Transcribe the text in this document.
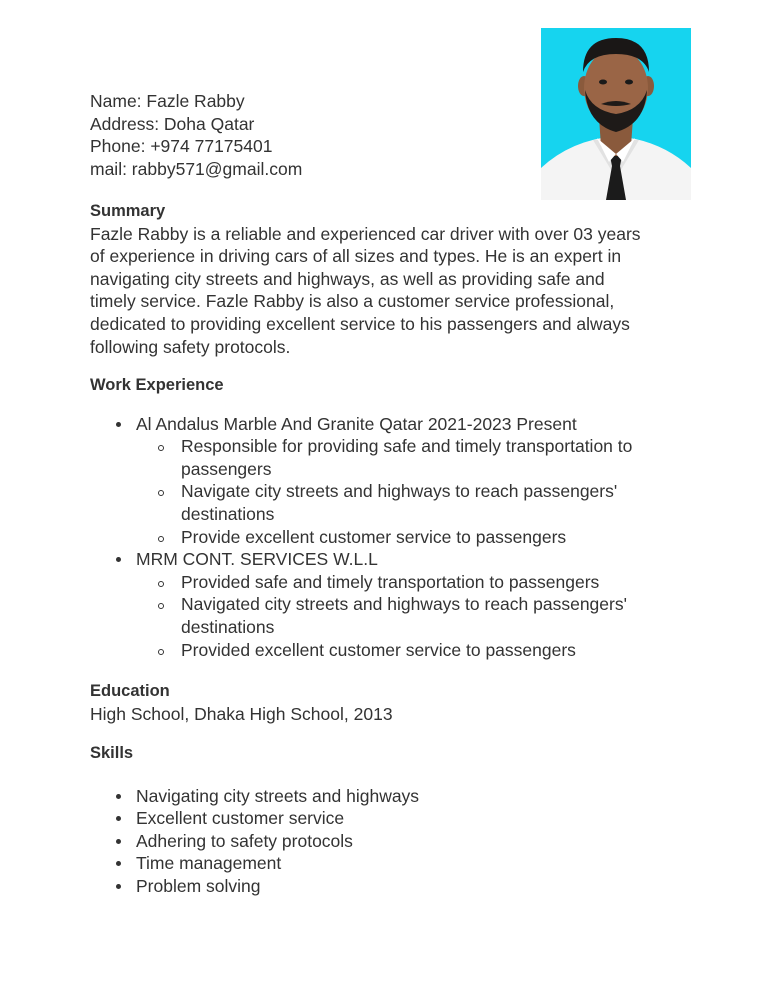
Name: Fazle Rabby
Address: Doha Qatar
Phone: +974 77175401
mail: rabby571@gmail.com
Summary

Fazle Rabby is a reliable and experienced car driver with over 03 years

of experience in driving cars of all sizes and types. He is an expert in

navigating city streets and highways, as well as providing safe and

timely service. Fazle Rabby is also a customer service professional,

dedicated to providing excellent service to his passengers and always

following safety protocols.

Work Experience
Al Andalus Marble And Granite Qatar 2021-2023 Present
Responsible for providing safe and timely transportation to
passengers
Navigate city streets and highways to reach passengers'
destinations
Provide excellent customer service to passengers
MRM CONT. SERVICES W.L.L
Provided safe and timely transportation to passengers
Navigated city streets and highways to reach passengers'
destinations
Provided excellent customer service to passengers
Education
High School, Dhaka High School, 2013
Skills
Navigating city streets and highways
Excellent customer service
Adhering to safety protocols
Time management
Problem solving
